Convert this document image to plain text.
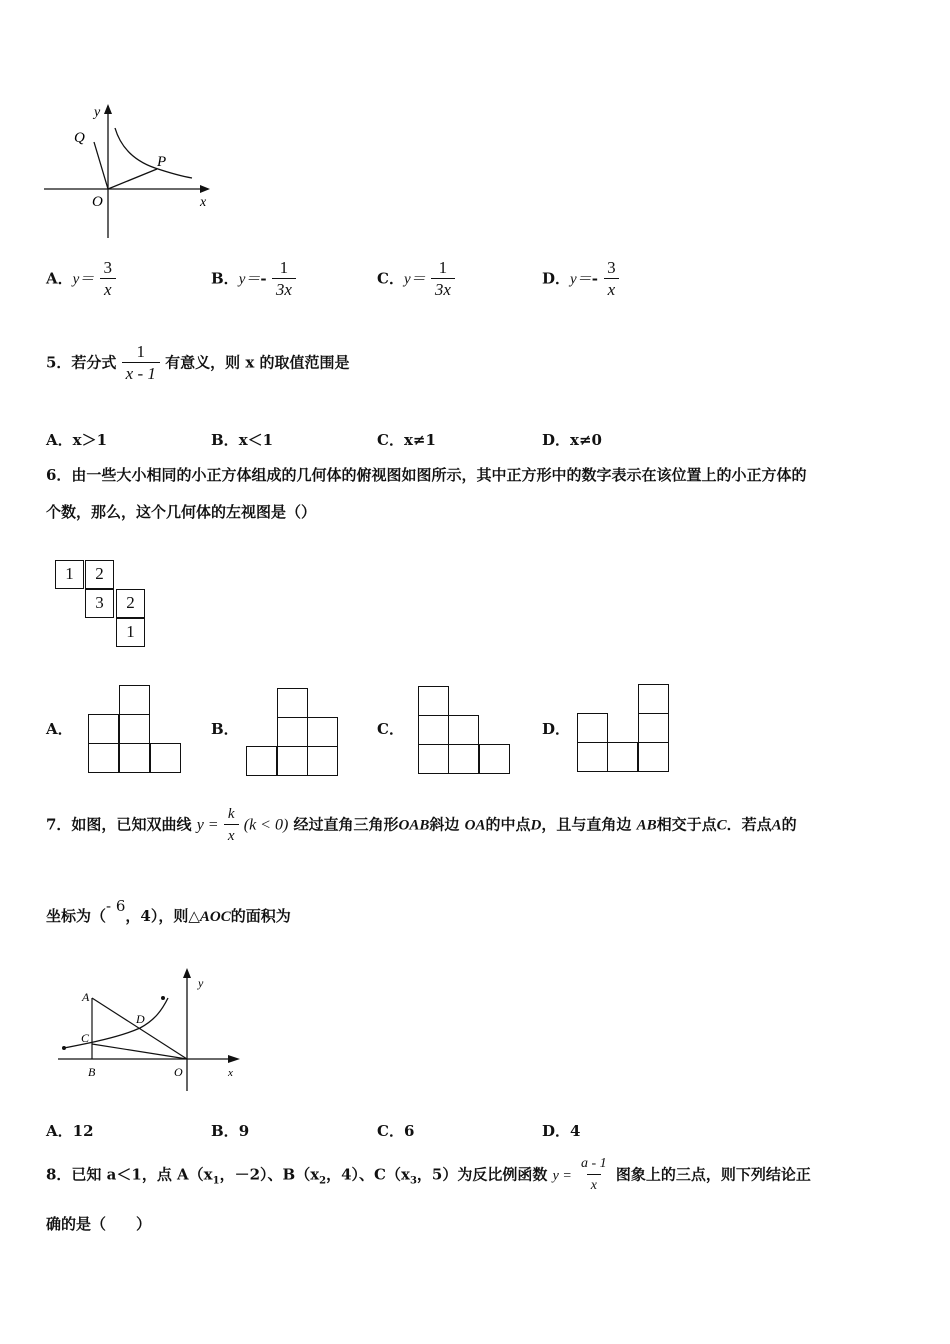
y
Q
P
O	x
A．$y= \frac{3}{x}$	B．$y=- \frac{1}{3x}$	C．$y= \frac{1}{3x}$	D．$y=- \frac{3}{x}$
5．若分式 $\frac{1}{x - 1}$ 有意义，则 x 的取值范围是
A．x＞1	B．x＜1	C．x≠1	D．x≠0
6．由一些大小相同的小正方体组成的几何体的俯视图如图所示，其中正方形中的数字表示在该位置上的小正方体的
个数，那么，这个几何体的左视图是（）
1	2
3	2
1
A．	B．	C．	D．
7．如图，已知双曲线 $y = \frac{k}{x} (k < 0)$ 经过直角三角形OAB斜边 OA的中点D，且与直角边 AB相交于点C．若点A的
坐标为（- 6，4），则△AOC的面积为
y
A
D
C
B	O	x
A．12	B．9	C．6	D．4
8．已知 a＜1，点 $A(x_1$，－2）、$B(x_2$，4）、$C(x_3$，5）为反比例函数 $y = \frac{a - 1}{x}$ 图象上的三点，则下列结论正
确的是（　　）
